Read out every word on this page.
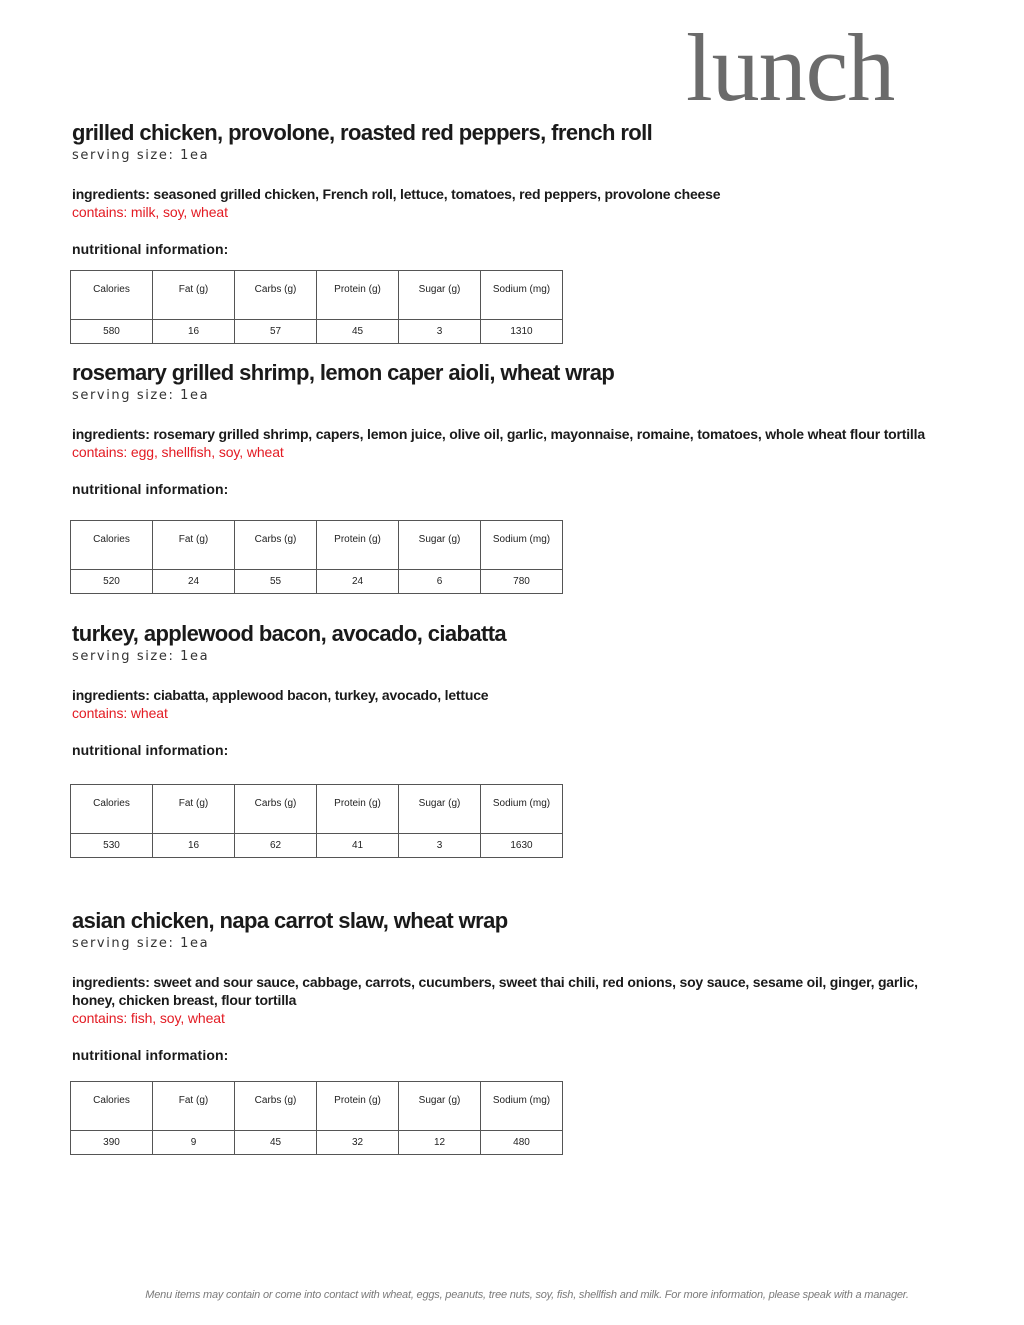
lunch
grilled chicken, provolone, roasted red peppers, french roll
serving size: 1ea
ingredients: seasoned grilled chicken, French roll, lettuce, tomatoes, red peppers, provolone cheese
contains: milk, soy, wheat
nutritional information:
Calories	Fat (g)	Carbs (g)	Protein (g)	Sugar (g)	Sodium (mg)
580	16	57	45	3	1310
rosemary grilled shrimp, lemon caper aioli, wheat wrap
serving size: 1ea
ingredients: rosemary grilled shrimp, capers, lemon juice, olive oil, garlic, mayonnaise, romaine, tomatoes, whole wheat flour tortilla
contains: egg, shellfish, soy, wheat
nutritional information:
Calories	Fat (g)	Carbs (g)	Protein (g)	Sugar (g)	Sodium (mg)
520	24	55	24	6	780
turkey, applewood bacon, avocado, ciabatta
serving size: 1ea
ingredients: ciabatta, applewood bacon, turkey, avocado, lettuce
contains: wheat
nutritional information:
Calories	Fat (g)	Carbs (g)	Protein (g)	Sugar (g)	Sodium (mg)
530	16	62	41	3	1630
asian chicken, napa carrot slaw, wheat wrap
serving size: 1ea
ingredients: sweet and sour sauce, cabbage, carrots, cucumbers, sweet thai chili, red onions, soy sauce, sesame oil, ginger, garlic, honey, chicken breast, flour tortilla
contains: fish, soy, wheat
nutritional information:
Calories	Fat (g)	Carbs (g)	Protein (g)	Sugar (g)	Sodium (mg)
390	9	45	32	12	480
Menu items may contain or come into contact with wheat, eggs, peanuts, tree nuts, soy, fish, shellfish and milk. For more information, please speak with a manager.
